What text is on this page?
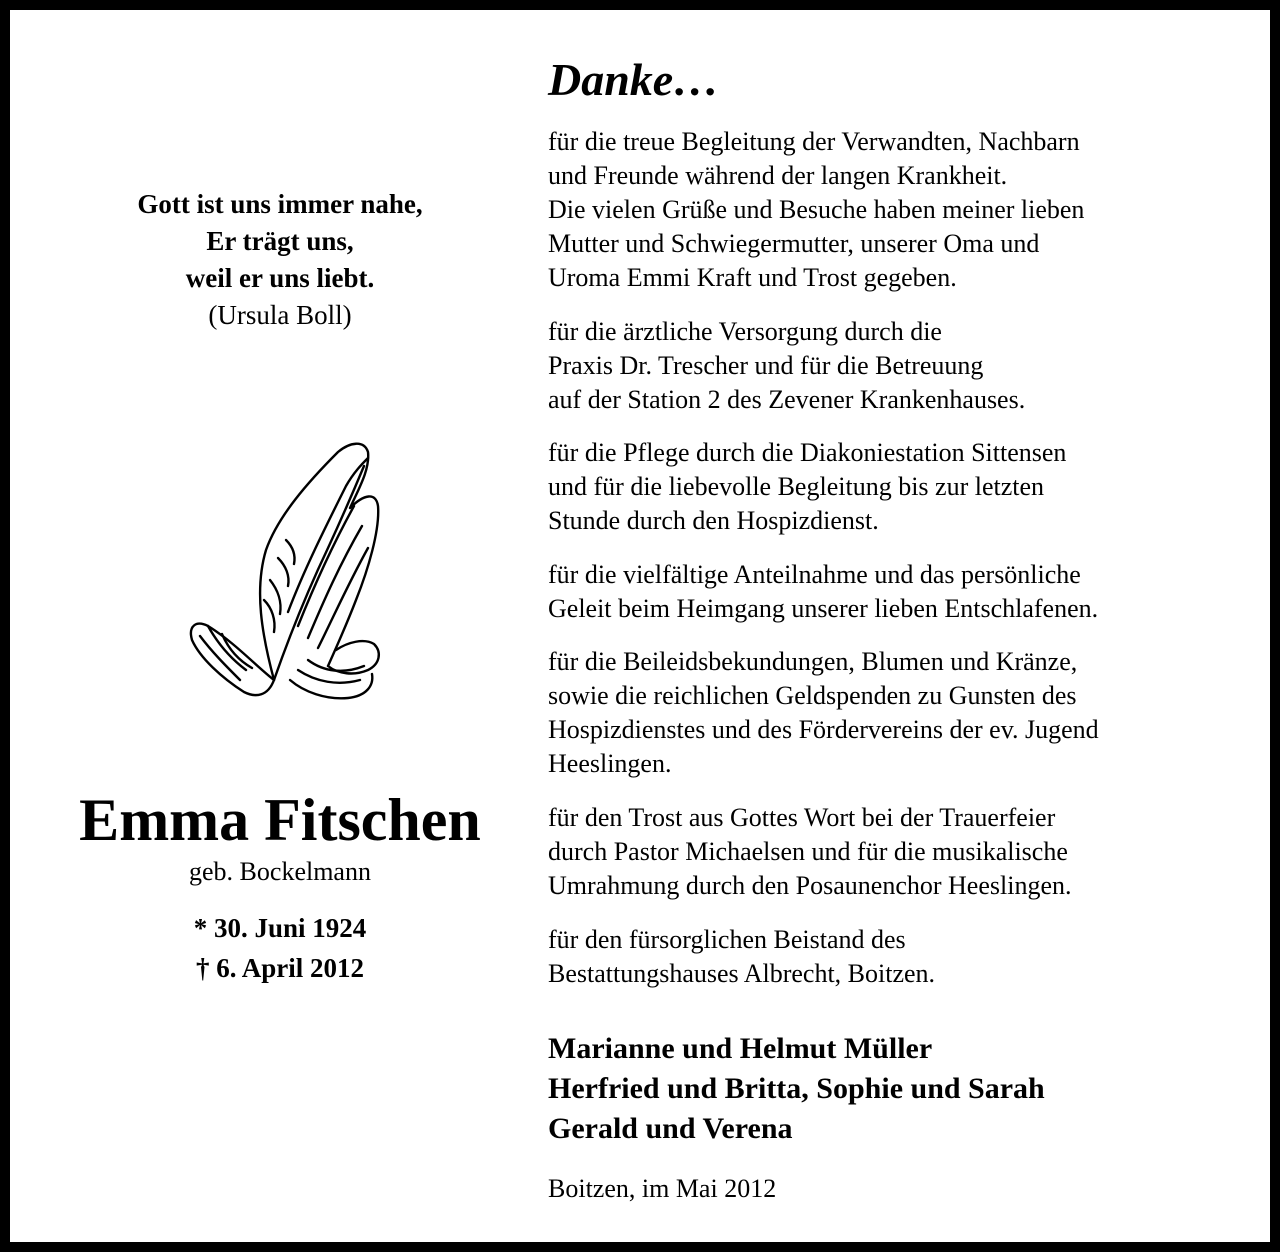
Gott ist uns immer nahe,
Er trägt uns,
weil er uns liebt.
(Ursula Boll)
Emma Fitschen
geb. Bockelmann
* 30. Juni 1924
† 6. April 2012
Danke…
für die treue Begleitung der Verwandten, Nachbarn
und Freunde während der langen Krankheit.
Die vielen Grüße und Besuche haben meiner lieben
Mutter und Schwiegermutter, unserer Oma und
Uroma Emmi Kraft und Trost gegeben.
für die ärztliche Versorgung durch die
Praxis Dr. Trescher und für die Betreuung
auf der Station 2 des Zevener Krankenhauses.
für die Pflege durch die Diakoniestation Sittensen
und für die liebevolle Begleitung bis zur letzten
Stunde durch den Hospizdienst.
für die vielfältige Anteilnahme und das persönliche
Geleit beim Heimgang unserer lieben Entschlafenen.
für die Beileidsbekundungen, Blumen und Kränze,
sowie die reichlichen Geldspenden zu Gunsten des
Hospizdienstes und des Fördervereins der ev. Jugend
Heeslingen.
für den Trost aus Gottes Wort bei der Trauerfeier
durch Pastor Michaelsen und für die musikalische
Umrahmung durch den Posaunenchor Heeslingen.
für den fürsorglichen Beistand des
Bestattungshauses Albrecht, Boitzen.
Marianne und Helmut Müller
Herfried und Britta, Sophie und Sarah
Gerald und Verena
Boitzen, im Mai 2012
